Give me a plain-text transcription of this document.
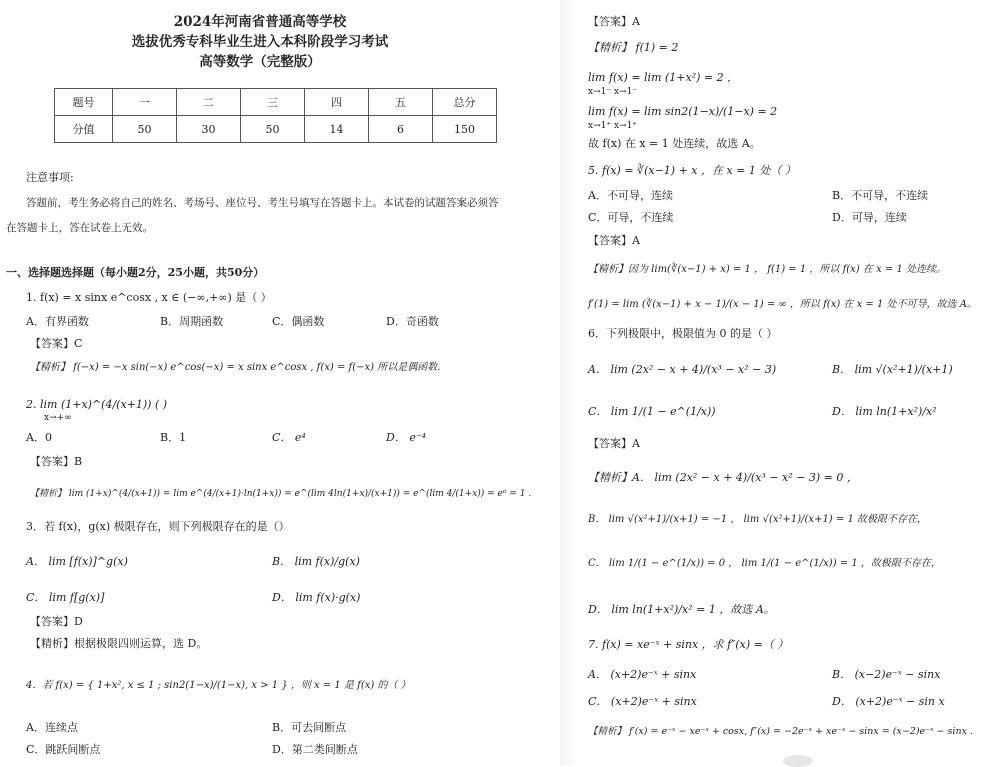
2024年河南省普通高等学校
选拔优秀专科毕业生进入本科阶段学习考试
高等数学（完整版）
题号	一	二	三	四	五	总分
分值	50	30	50	14	6	150
注意事项:
答题前，考生务必将自己的姓名、考场号、座位号、考生号填写在答题卡上。本试卷的试题答案必须答
在答题卡上，答在试卷上无效。
一、选择题选择题（每小题2分，25小题，共50分）
1. f(x) = x sinx e^cosx , x ∈ (−∞,+∞) 是（ ）
A．有界函数	B．周期函数	C．偶函数	D．奇函数
【答案】C
【精析】 f(−x) = −x sin(−x) e^cos(−x) = x sinx e^cosx , f(x) = f(−x) 所以是偶函数.
2. lim (1+x)^(4/(x+1)) ( )
x→+∞
A．0	B．1	C． e⁴	D． e⁻⁴
【答案】B
【精析】 lim (1+x)^(4/(x+1)) = lim e^(4/(x+1)·ln(1+x)) = e^(lim 4ln(1+x)/(x+1)) = e^(lim 4/(1+x)) = e⁰ = 1 .
3．若 f(x)，g(x) 极限存在，则下列极限存在的是（）
A． lim [f(x)]^g(x)	B． lim f(x)/g(x)
C． lim f[g(x)]	D． lim f(x)·g(x)
【答案】D
【精析】根据极限四则运算，选 D。
4．若 f(x) = { 1+x², x ≤ 1 ; sin2(1−x)/(1−x), x > 1 } ，则 x = 1 是 f(x) 的（ ）
A．连续点	B．可去间断点
C．跳跃间断点	D．第二类间断点
【答案】A
【精析】 f(1) = 2
lim f(x) = lim (1+x²) = 2 ，
x→1⁻ x→1⁻
lim f(x) = lim sin2(1−x)/(1−x) = 2
x→1⁺ x→1⁺
故 f(x) 在 x = 1 处连续，故选 A。
5. f(x) = ∛(x−1) + x ，在 x = 1 处（ ）
A．不可导，连续	B．不可导，不连续
C．可导，不连续	D．可导，连续
【答案】A
【精析】因为 lim(∛(x−1) + x) = 1 ， f(1) = 1 ，所以 f(x) 在 x = 1 处连续。
f′(1) = lim (∛(x−1) + x − 1)/(x − 1) = ∞ ，所以 f(x) 在 x = 1 处不可导，故选 A。
6．下列极限中，极限值为 0 的是（ ）
A． lim (2x² − x + 4)/(x³ − x² − 3)	B． lim √(x²+1)/(x+1)
C． lim 1/(1 − e^(1/x))	D． lim ln(1+x²)/x²
【答案】A
【精析】A． lim (2x² − x + 4)/(x³ − x² − 3) = 0 ，
B． lim √(x²+1)/(x+1) = −1 ， lim √(x²+1)/(x+1) = 1 故极限不存在，
C． lim 1/(1 − e^(1/x)) = 0 ， lim 1/(1 − e^(1/x)) = 1 ，故极限不存在，
D． lim ln(1+x²)/x² = 1 ，故选 A。
7. f(x) = xe⁻ˣ + sinx ，求 f″(x) =（ ）
A． (x+2)e⁻ˣ + sinx	B． (x−2)e⁻ˣ − sinx
C． (x+2)e⁻ˣ + sinx	D． (x+2)e⁻ˣ − sin x
【精析】 f′(x) = e⁻ˣ − xe⁻ˣ + cosx, f″(x) = −2e⁻ˣ + xe⁻ˣ − sinx = (x−2)e⁻ˣ − sinx .
